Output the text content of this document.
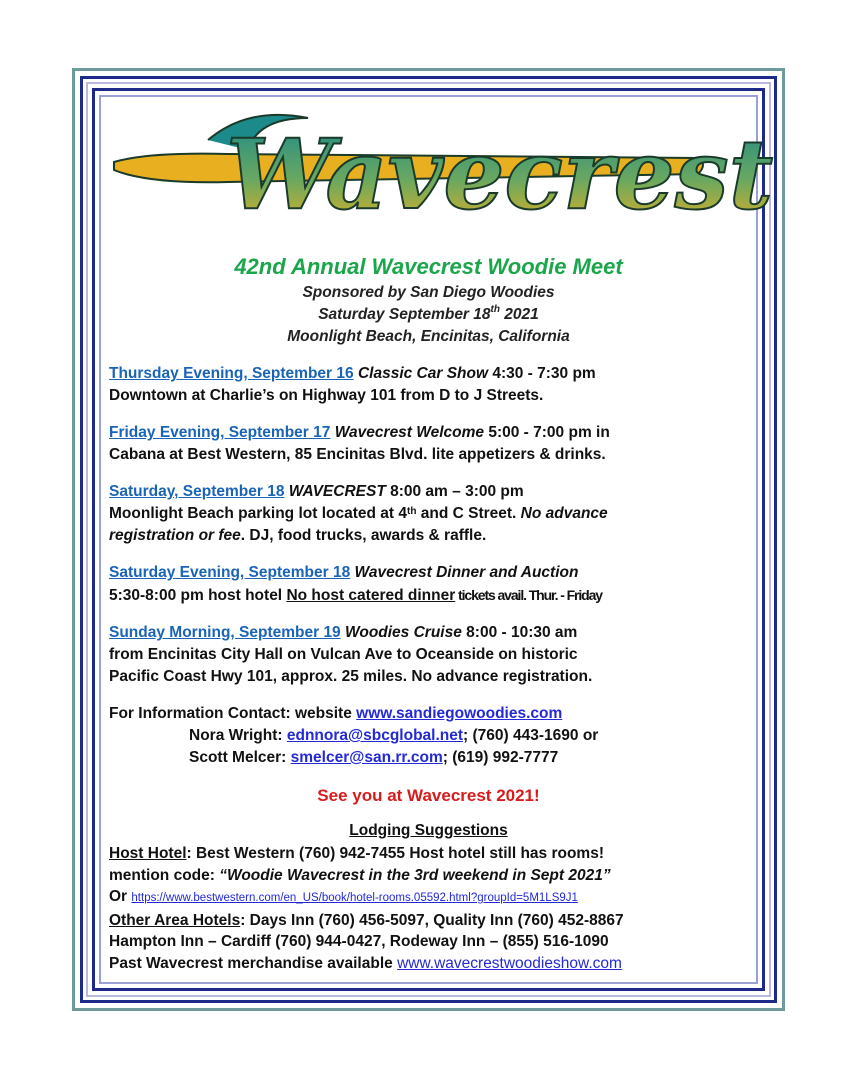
Wavecrest
42nd Annual Wavecrest Woodie Meet
Sponsored by San Diego Woodies
Saturday September 18th 2021
Moonlight Beach, Encinitas, California
Thursday Evening, September 16 Classic Car Show 4:30 - 7:30 pm
Downtown at Charlie’s on Highway 101 from D to J Streets.
Friday Evening, September 17 Wavecrest Welcome 5:00 - 7:00 pm in
Cabana at Best Western, 85 Encinitas Blvd. lite appetizers & drinks.
Saturday, September 18 WAVECREST 8:00 am – 3:00 pm
Moonlight Beach parking lot located at 4th and C Street. No advance
registration or fee. DJ, food trucks, awards & raffle.
Saturday Evening, September 18 Wavecrest Dinner and Auction
5:30-8:00 pm host hotel No host catered dinner tickets avail. Thur. - Friday
Sunday Morning, September 19 Woodies Cruise 8:00 - 10:30 am
from Encinitas City Hall on Vulcan Ave to Oceanside on historic
Pacific Coast Hwy 101, approx. 25 miles. No advance registration.
For Information Contact: website www.sandiegowoodies.com
Nora Wright: ednnora@sbcglobal.net; (760) 443-1690 or
Scott Melcer: smelcer@san.rr.com; (619) 992-7777
See you at Wavecrest 2021!
Lodging Suggestions
Host Hotel: Best Western (760) 942-7455 Host hotel still has rooms!
mention code: “Woodie Wavecrest in the 3rd weekend in Sept 2021”
Or https://www.bestwestern.com/en_US/book/hotel-rooms.05592.html?groupId=5M1LS9J1
Other Area Hotels: Days Inn (760) 456-5097, Quality Inn (760) 452-8867
Hampton Inn – Cardiff (760) 944-0427, Rodeway Inn – (855) 516-1090
Past Wavecrest merchandise available www.wavecrestwoodieshow.com
